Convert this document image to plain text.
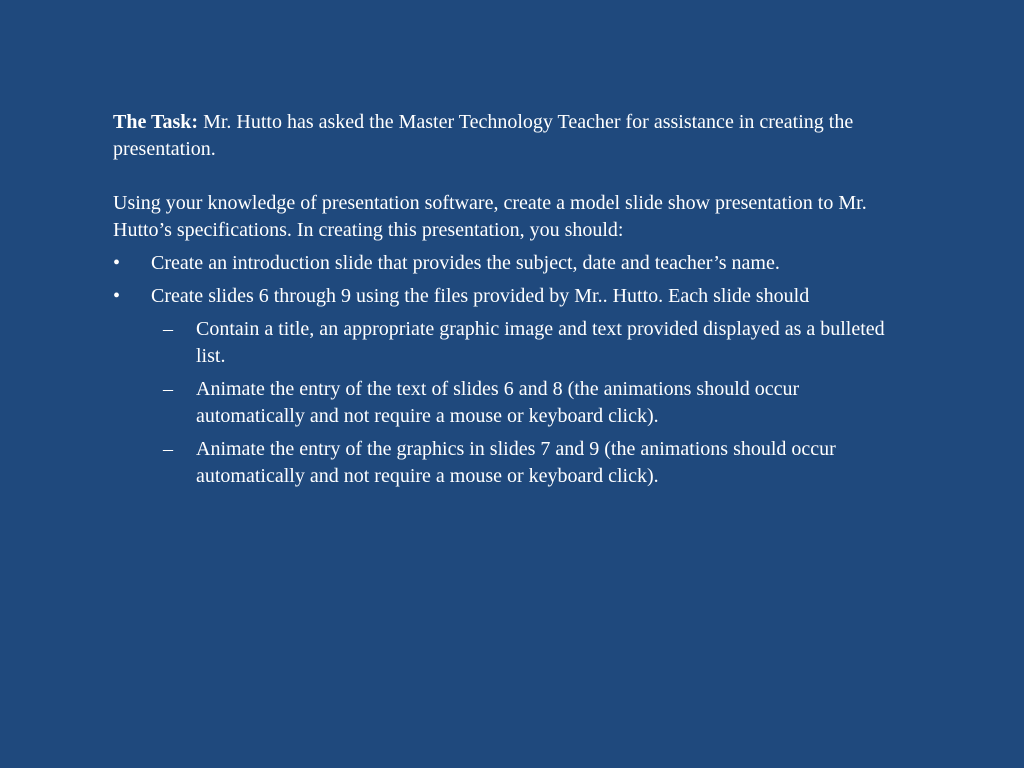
The Task: Mr. Hutto has asked the Master Technology Teacher for assistance in creating the presentation.

Using your knowledge of presentation software, create a model slide show presentation to Mr. Hutto’s specifications. In creating this presentation, you should:

•	Create an introduction slide that provides the subject, date and teacher’s name.
•	Create slides 6 through 9 using the files provided by Mr.. Hutto. Each slide should
–	Contain a title, an appropriate graphic image and text provided displayed as a bulleted list.
–	Animate the entry of the text of slides 6 and 8 (the animations should occur automatically and not require a mouse or keyboard click).
–	Animate the entry of the graphics in slides 7 and 9 (the animations should occur automatically and not require a mouse or keyboard click).
